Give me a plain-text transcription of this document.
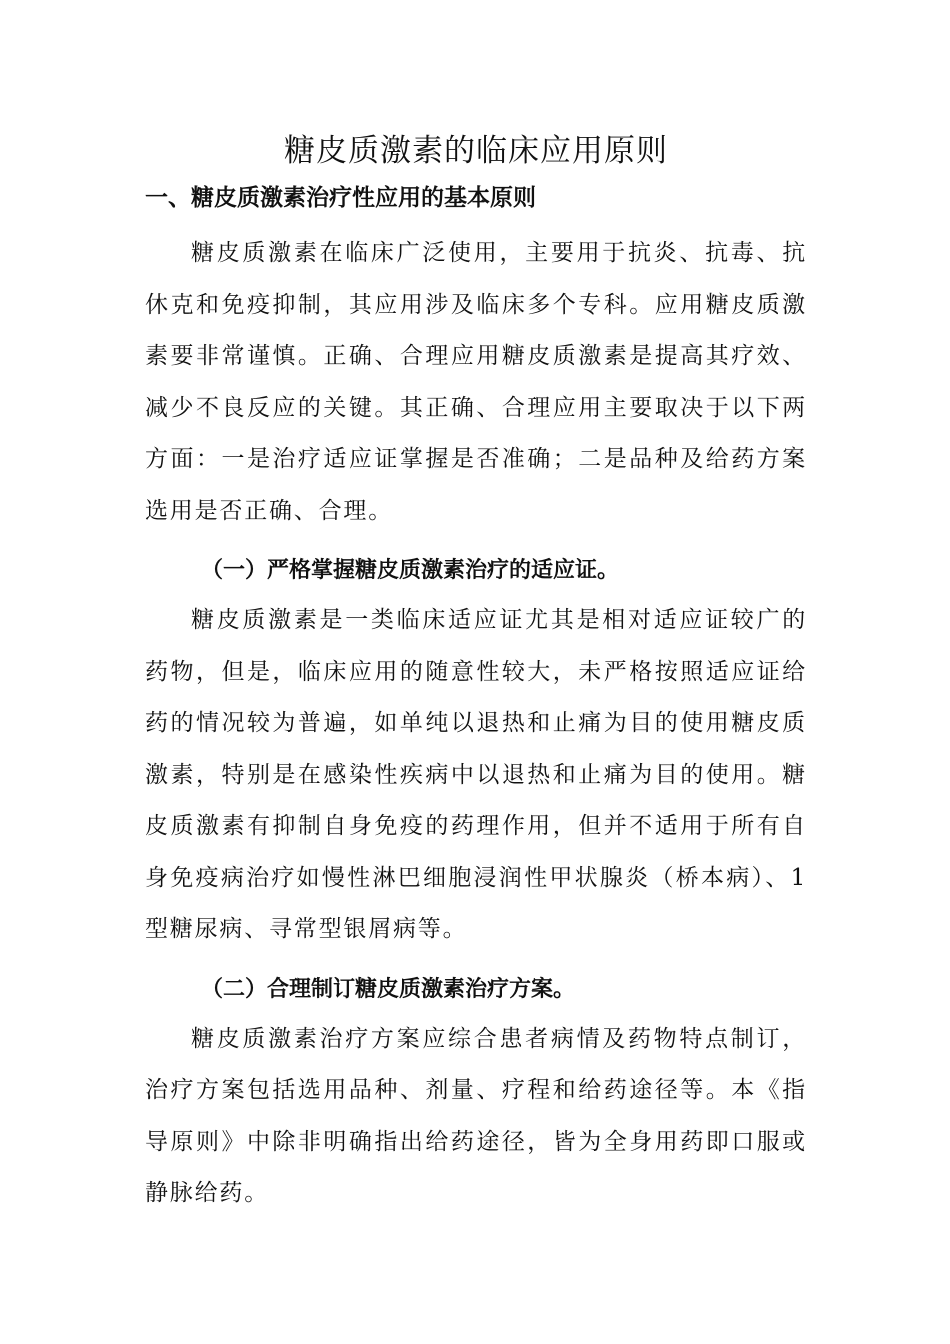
糖皮质激素的临床应用原则
一、糖皮质激素治疗性应用的基本原则

糖皮质激素在临床广泛使用，主要用于抗炎、抗毒、抗休克和免疫抑制，其应用涉及临床多个专科。应用糖皮质激素要非常谨慎。正确、合理应用糖皮质激素是提高其疗效、减少不良反应的关键。其正确、合理应用主要取决于以下两方面：一是治疗适应证掌握是否准确；二是品种及给药方案选用是否正确、合理。

（一）严格掌握糖皮质激素治疗的适应证。

糖皮质激素是一类临床适应证尤其是相对适应证较广的药物，但是，临床应用的随意性较大，未严格按照适应证给药的情况较为普遍，如单纯以退热和止痛为目的使用糖皮质激素，特别是在感染性疾病中以退热和止痛为目的使用。糖皮质激素有抑制自身免疫的药理作用，但并不适用于所有自身免疫病治疗如慢性淋巴细胞浸润性甲状腺炎（桥本病）、1型糖尿病、寻常型银屑病等。

（二）合理制订糖皮质激素治疗方案。

糖皮质激素治疗方案应综合患者病情及药物特点制订，治疗方案包括选用品种、剂量、疗程和给药途径等。本《指导原则》中除非明确指出给药途径，皆为全身用药即口服或静脉给药。
